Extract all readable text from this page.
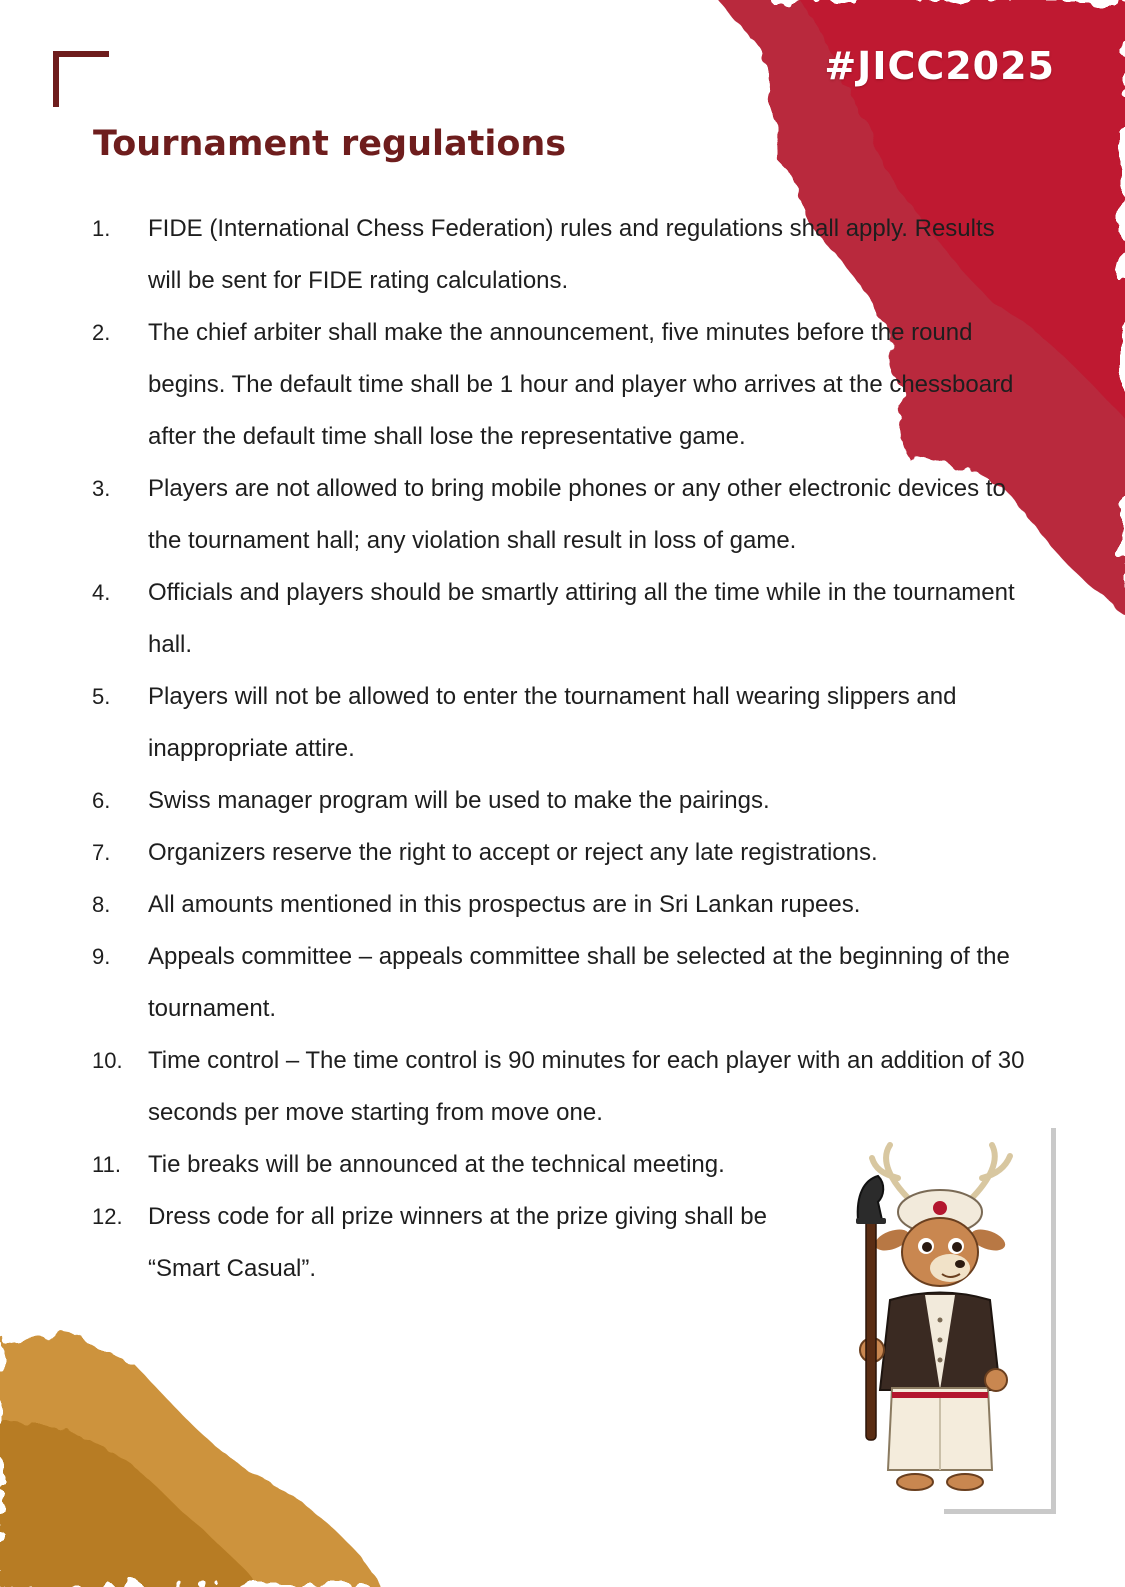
#JICC2025
Tournament regulations
1.	FIDE (International Chess Federation) rules and regulations shall apply. Results will be sent for FIDE rating calculations.
2.	The chief arbiter shall make the announcement, five minutes before the round begins. The default time shall be 1 hour and player who arrives at the chessboard after the default time shall lose the representative game.
3.	Players are not allowed to bring mobile phones or any other electronic devices to the tournament hall; any violation shall result in loss of game.
4.	Officials and players should be smartly attiring all the time while in the tournament hall.
5.	Players will not be allowed to enter the tournament hall wearing slippers and inappropriate attire.
6.	Swiss manager program will be used to make the pairings.
7.	Organizers reserve the right to accept or reject any late registrations.
8.	All amounts mentioned in this prospectus are in Sri Lankan rupees.
9.	Appeals committee – appeals committee shall be selected at the beginning of the tournament.
10.	Time control – The time control is 90 minutes for each player with an addition of 30 seconds per move starting from move one.
11.	Tie breaks will be announced at the technical meeting.
12.	Dress code for all prize winners at the prize giving shall be “Smart Casual”.
